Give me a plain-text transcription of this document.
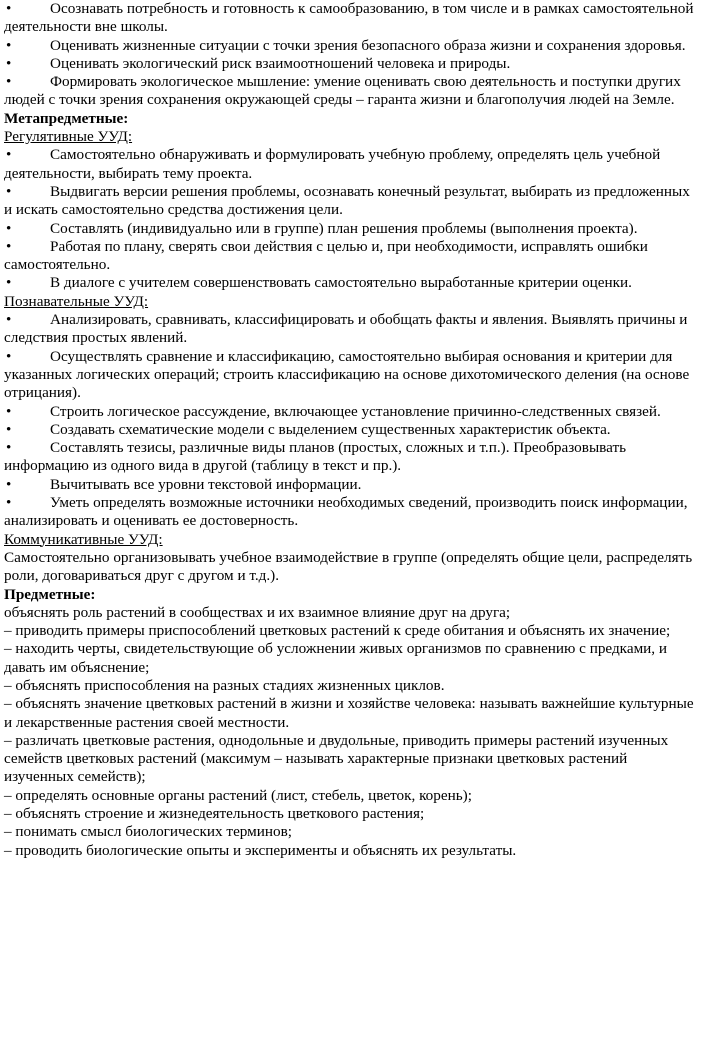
•	Осознавать потребность и готовность к самообразованию, в том числе и в рамках самостоятельной деятельности вне школы.

•	Оценивать жизненные ситуации с точки зрения безопасного образа жизни и сохранения здоровья.

•	Оценивать экологический риск взаимоотношений человека и природы.

•	Формировать экологическое мышление: умение оценивать свою деятельность и поступки других людей с точки зрения сохранения окружающей среды – гаранта жизни и благополучия людей на Земле.

Метапредметные:

Регулятивные УУД:

•	Самостоятельно обнаруживать и формулировать учебную проблему, определять цель учебной деятельности, выбирать тему проекта.

•	Выдвигать версии решения проблемы, осознавать конечный результат, выбирать из предложенных и искать самостоятельно средства достижения цели.

•	Составлять (индивидуально или в группе) план решения проблемы (выполнения проекта).

•	Работая по плану, сверять свои действия с целью и, при необходимости, исправлять ошибки самостоятельно.

•	В диалоге с учителем совершенствовать самостоятельно выработанные критерии оценки.

Познавательные УУД:

•	Анализировать, сравнивать, классифицировать и обобщать факты и явления. Выявлять причины и следствия простых явлений.

•	Осуществлять сравнение и классификацию, самостоятельно выбирая основания и критерии для указанных логических операций; строить классификацию на основе дихотомического деления (на основе отрицания).

•	Строить логическое рассуждение, включающее установление причинно-следственных связей.

•	Создавать схематические модели с выделением существенных характеристик объекта.

•	Составлять тезисы, различные виды планов (простых, сложных и т.п.). Преобразовывать информацию из одного вида в другой (таблицу в текст и пр.).

•	Вычитывать все уровни текстовой информации.

•	Уметь определять возможные источники необходимых сведений, производить поиск информации, анализировать и оценивать ее достоверность.

Коммуникативные УУД:

Самостоятельно организовывать учебное взаимодействие в группе (определять общие цели, распределять роли, договариваться друг с другом и т.д.).

Предметные:

объяснять роль растений в сообществах и их взаимное влияние друг на друга;

– приводить примеры приспособлений цветковых растений к среде обитания и объяснять их значение;

– находить черты, свидетельствующие об усложнении живых организмов по сравнению с предками, и давать им объяснение;

– объяснять приспособления на разных стадиях жизненных циклов.

– объяснять значение цветковых растений в жизни и хозяйстве человека: называть важнейшие культурные и лекарственные растения своей местности.

– различать цветковые растения, однодольные и двудольные, приводить примеры растений изученных семейств цветковых растений (максимум – называть характерные признаки цветковых растений изученных семейств);

– определять основные органы растений (лист, стебель, цветок, корень);

– объяснять строение и жизнедеятельность цветкового растения;

– понимать смысл биологических терминов;

– проводить биологические опыты и эксперименты и объяснять их результаты.
